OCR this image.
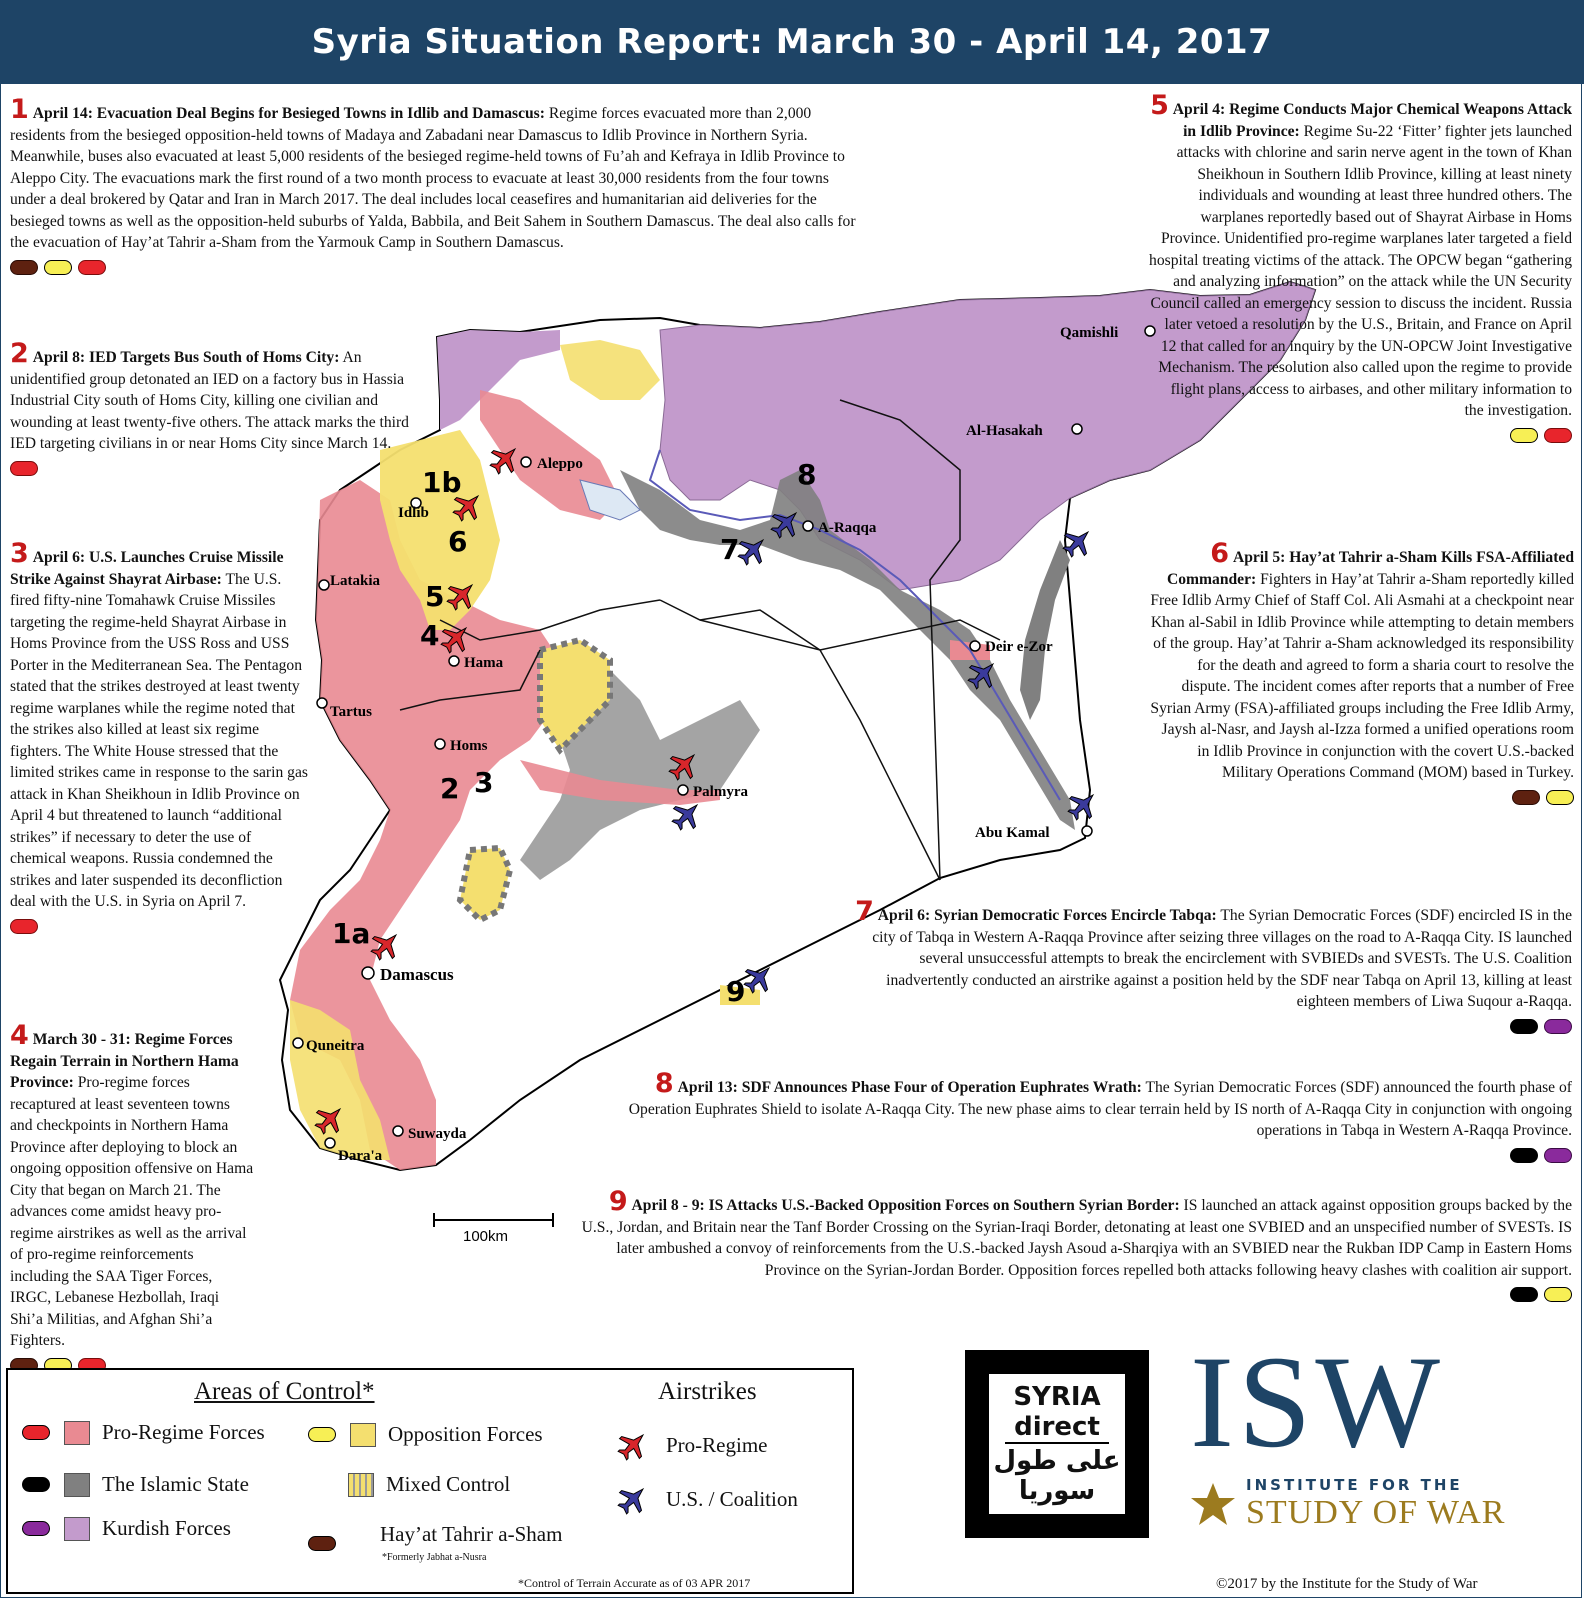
Syria Situation Report: March 30 - April 14, 2017
Qamishli
Al-Hasakah
Aleppo
Idlib
Latakia
Hama
Tartus
Homs
Palmyra
A-Raqqa
Deir e-Zor
Abu Kamal
Damascus
Quneitra
Suwayda
Dara'a
1b
6
5
4
2 3
1a
7
8
9
100km
1 April 14: Evacuation Deal Begins for Besieged Towns in Idlib and Damascus: Regime forces evacuated more than 2,000 residents from the besieged opposition-held towns of Madaya and Zabadani near Damascus to Idlib Province in Northern Syria. Meanwhile, buses also evacuated at least 5,000 residents of the besieged regime-held towns of Fu’ah and Kefraya in Idlib Province to Aleppo City. The evacuations mark the first round of a two month process to evacuate at least 30,000 residents from the four towns under a deal brokered by Qatar and Iran in March 2017. The deal includes local ceasefires and humanitarian aid deliveries for the besieged towns as well as the opposition-held suburbs of Yalda, Babbila, and Beit Sahem in Southern Damascus. The deal also calls for the evacuation of Hay’at Tahrir a-Sham from the Yarmouk Camp in Southern Damascus.
2 April 8: IED Targets Bus South of Homs City: An unidentified group detonated an IED on a factory bus in Hassia Industrial City south of Homs City, killing one civilian and wounding at least twenty-five others. The attack marks the third IED targeting civilians in or near Homs City since March 14.
3 April 6: U.S. Launches Cruise Missile Strike Against Shayrat Airbase: The U.S. fired fifty-nine Tomahawk Cruise Missiles targeting the regime-held Shayrat Airbase in Homs Province from the USS Ross and USS Porter in the Mediterranean Sea. The Pentagon stated that the strikes destroyed at least twenty regime warplanes while the regime noted that the strikes also killed at least six regime fighters. The White House stressed that the limited strikes came in response to the sarin gas attack in Khan Sheikhoun in Idlib Province on April 4 but threatened to launch “additional strikes” if necessary to deter the use of chemical weapons. Russia condemned the strikes and later suspended its deconfliction deal with the U.S. in Syria on April 7.
4 March 30 - 31: Regime Forces Regain Terrain in Northern Hama Province: Pro-regime forces recaptured at least seventeen towns and checkpoints in Northern Hama Province after deploying to block an ongoing opposition offensive on Hama City that began on March 21. The advances come amidst heavy pro-regime airstrikes as well as the arrival of pro-regime reinforcements including the SAA Tiger Forces, IRGC, Lebanese Hezbollah, Iraqi Shi’a Militias, and Afghan Shi’a Fighters.
5 April 4: Regime Conducts Major Chemical Weapons Attack in Idlib Province: Regime Su-22 ‘Fitter’ fighter jets launched attacks with chlorine and sarin nerve agent in the town of Khan Sheikhoun in Southern Idlib Province, killing at least ninety individuals and wounding at least three hundred others. The warplanes reportedly based out of Shayrat Airbase in Homs Province. Unidentified pro-regime warplanes later targeted a field hospital treating victims of the attack. The OPCW began “gathering and analyzing information” on the attack while the UN Security Council called an emergency session to discuss the incident. Russia later vetoed a resolution by the U.S., Britain, and France on April 12 that called for an inquiry by the UN-OPCW Joint Investigative Mechanism. The resolution also called upon the regime to provide flight plans, access to airbases, and other military information to the investigation.
6 April 5: Hay’at Tahrir a-Sham Kills FSA-Affiliated Commander: Fighters in Hay’at Tahrir a-Sham reportedly killed Free Idlib Army Chief of Staff Col. Ali Asmahi at a checkpoint near Khan al-Sabil in Idlib Province while attempting to detain members of the group. Hay’at Tahrir a-Sham acknowledged its responsibility for the death and agreed to form a sharia court to resolve the dispute. The incident comes after reports that a number of Free Syrian Army (FSA)-affiliated groups including the Free Idlib Army, Jaysh al-Nasr, and Jaysh al-Izza formed a unified operations room in Idlib Province in conjunction with the covert U.S.-backed Military Operations Command (MOM) based in Turkey.
7 April 6: Syrian Democratic Forces Encircle Tabqa: The Syrian Democratic Forces (SDF) encircled IS in the city of Tabqa in Western A-Raqqa Province after seizing three villages on the road to A-Raqqa City. IS launched several unsuccessful attempts to break the encirclement with SVBIEDs and SVESTs. The U.S. Coalition inadvertently conducted an airstrike against a position held by the SDF near Tabqa on April 13, killing at least eighteen members of Liwa Suqour a-Raqqa.
8 April 13: SDF Announces Phase Four of Operation Euphrates Wrath: The Syrian Democratic Forces (SDF) announced the fourth phase of Operation Euphrates Shield to isolate A-Raqqa City. The new phase aims to clear terrain held by IS north of A-Raqqa City in conjunction with ongoing operations in Tabqa in Western A-Raqqa Province.
9 April 8 - 9: IS Attacks U.S.-Backed Opposition Forces on Southern Syrian Border: IS launched an attack against opposition groups backed by the U.S., Jordan, and Britain near the Tanf Border Crossing on the Syrian-Iraqi Border, detonating at least one SVBIED and an unspecified number of SVESTs. IS later ambushed a convoy of reinforcements from the U.S.-backed Jaysh Asoud a-Sharqiya with an SVBIED near the Rukban IDP Camp in Eastern Homs Province on the Syrian-Jordan Border. Opposition forces repelled both attacks following heavy clashes with coalition air support.
Areas of Control*	Airstrikes
Pro-Regime Forces	Opposition Forces
The Islamic State	Mixed Control
Kurdish Forces	Hay’at Tahrir a-Sham
*Formerly Jabhat a-Nusra
Pro-Regime
U.S. / Coalition
*Control of Terrain Accurate as of 03 APR 2017
SYRIA
direct
على طول
سوريا
ISW
INSTITUTE FOR THE
STUDY OF WAR
©2017 by the Institute for the Study of War
